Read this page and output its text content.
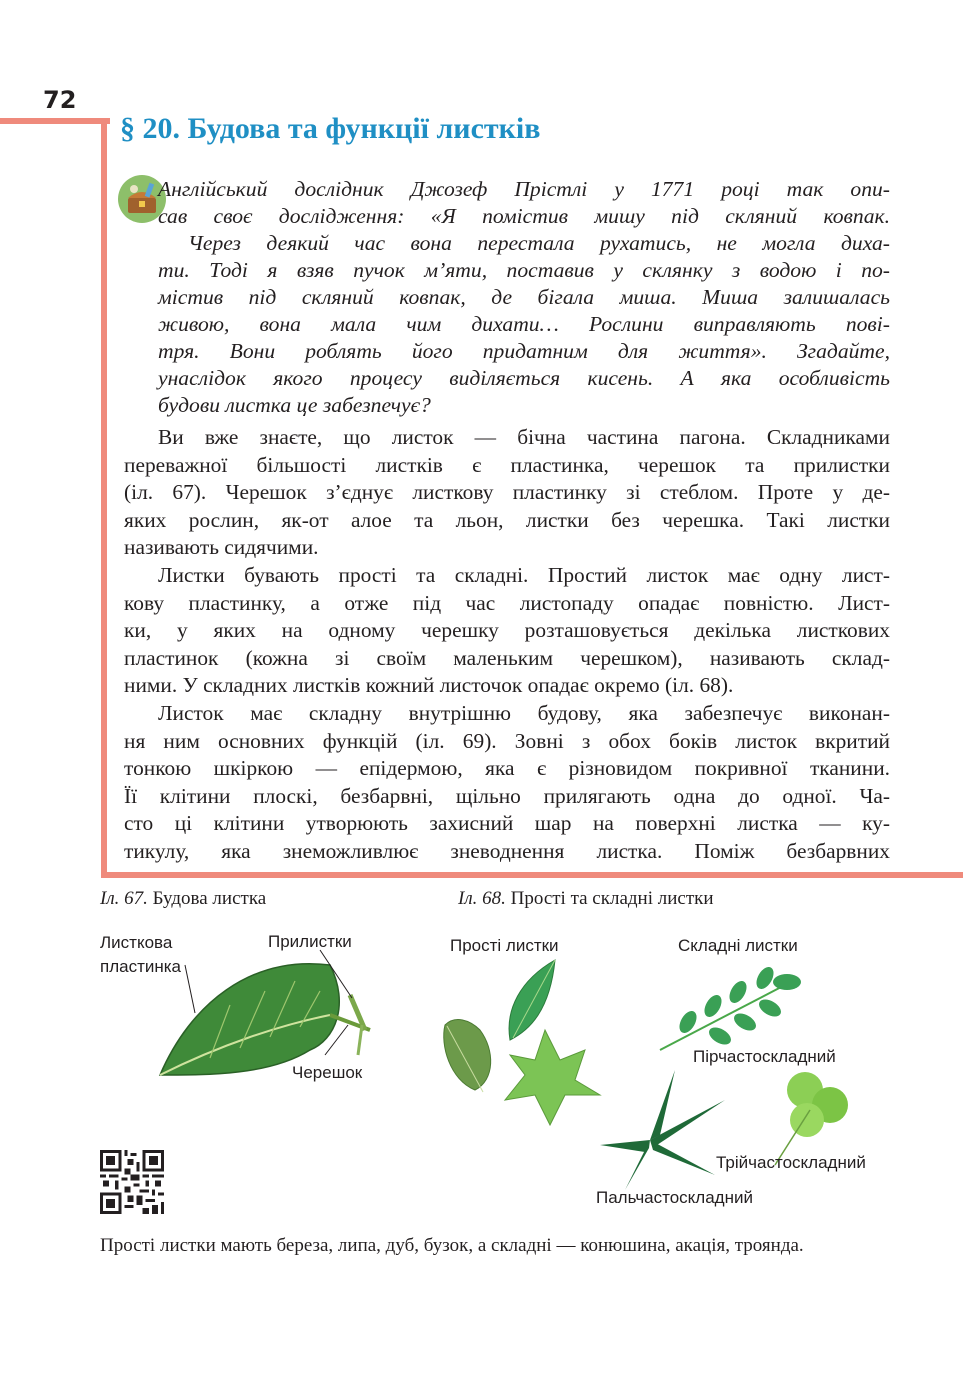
72
§ 20. Будова та функції листків
Англійський дослідник Джозеф Прістлі у 1771 році так опи-
сав своє дослідження: «Я помістив мишу під скляний ковпак.
Через деякий час вона перестала рухатись, не могла диха-
ти. Тоді я взяв пучок м’яти, поставив у склянку з водою і по-
містив під скляний ковпак, де бігала миша. Миша залишалась
живою, вона мала чим дихати… Рослини виправляють пові-
тря. Вони роблять його придатним для життя». Згадайте,
унаслідок якого процесу виділяється кисень. А яка особливість
будови листка це забезпечує?
Ви вже знаєте, що листок — бічна частина пагона. Складниками
переважної більшості листків є пластинка, черешок та прилистки
(іл. 67). Черешок з’єднує листкову пластинку зі стеблом. Проте у де-
яких рослин, як-от алое та льон, листки без черешка. Такі листки
називають сидячими.
Листки бувають прості та складні. Простий листок має одну лист-
кову пластинку, а отже під час листопаду опадає повністю. Лист-
ки, у яких на одному черешку розташовується декілька листкових
пластинок (кожна зі своїм маленьким черешком), називають склад-
ними. У складних листків кожний листочок опадає окремо (іл. 68).
Листок має складну внутрішню будову, яка забезпечує виконан-
ня ним основних функцій (іл. 69). Зовні з обох боків листок вкритий
тонкою шкіркою — епідермою, яка є різновидом покривної тканини.
Її клітини плоскі, безбарвні, щільно прилягають одна до одної. Ча-
сто ці клітини утворюють захисний шар на поверхні листка — ку-
тикулу, яка знеможливлює зневоднення листка. Поміж безбарвних
Іл. 67. Будова листка	Іл. 68. Прості та складні листки
Листкова
пластинка
Прилистки
Черешок
Прості листки	Складні листки
Пірчастоскладний
Трійчастоскладний
Пальчастоскладний

Прості листки мають береза, липа, дуб, бузок, а складні — конюшина, акація, троянда.
